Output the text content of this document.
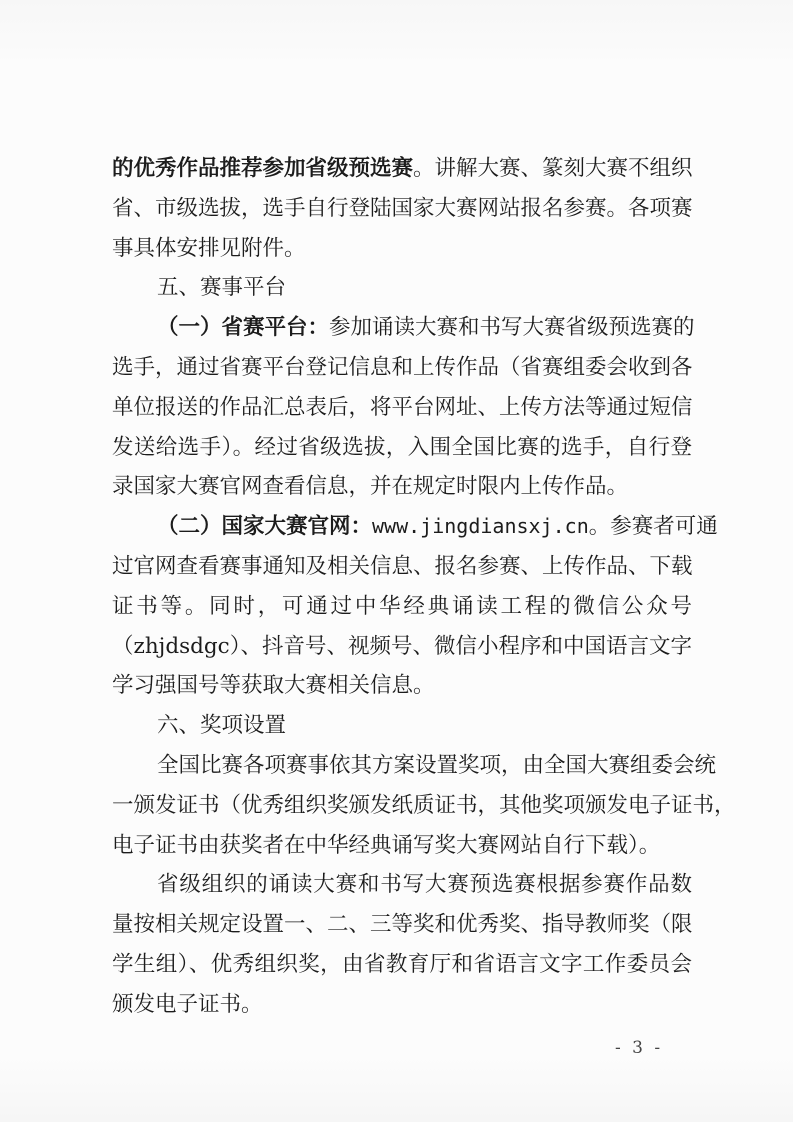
的优秀作品推荐参加省级预选赛。讲解大赛、篆刻大赛不组织
省、市级选拔，选手自行登陆国家大赛网站报名参赛。各项赛
事具体安排见附件。
五、赛事平台
（一）省赛平台：参加诵读大赛和书写大赛省级预选赛的
选手，通过省赛平台登记信息和上传作品（省赛组委会收到各
单位报送的作品汇总表后，将平台网址、上传方法等通过短信
发送给选手）。经过省级选拔，入围全国比赛的选手，自行登
录国家大赛官网查看信息，并在规定时限内上传作品。
（二）国家大赛官网：www.jingdiansxj.cn。参赛者可通
过官网查看赛事通知及相关信息、报名参赛、上传作品、下载
证书等。同时，可通过中华经典诵读工程的微信公众号
（zhjdsdgc）、抖音号、视频号、微信小程序和中国语言文字
学习强国号等获取大赛相关信息。
六、奖项设置
全国比赛各项赛事依其方案设置奖项，由全国大赛组委会统
一颁发证书（优秀组织奖颁发纸质证书，其他奖项颁发电子证书，
电子证书由获奖者在中华经典诵写奖大赛网站自行下载）。
省级组织的诵读大赛和书写大赛预选赛根据参赛作品数
量按相关规定设置一、二、三等奖和优秀奖、指导教师奖（限
学生组）、优秀组织奖，由省教育厅和省语言文字工作委员会
颁发电子证书。
- 3 -
